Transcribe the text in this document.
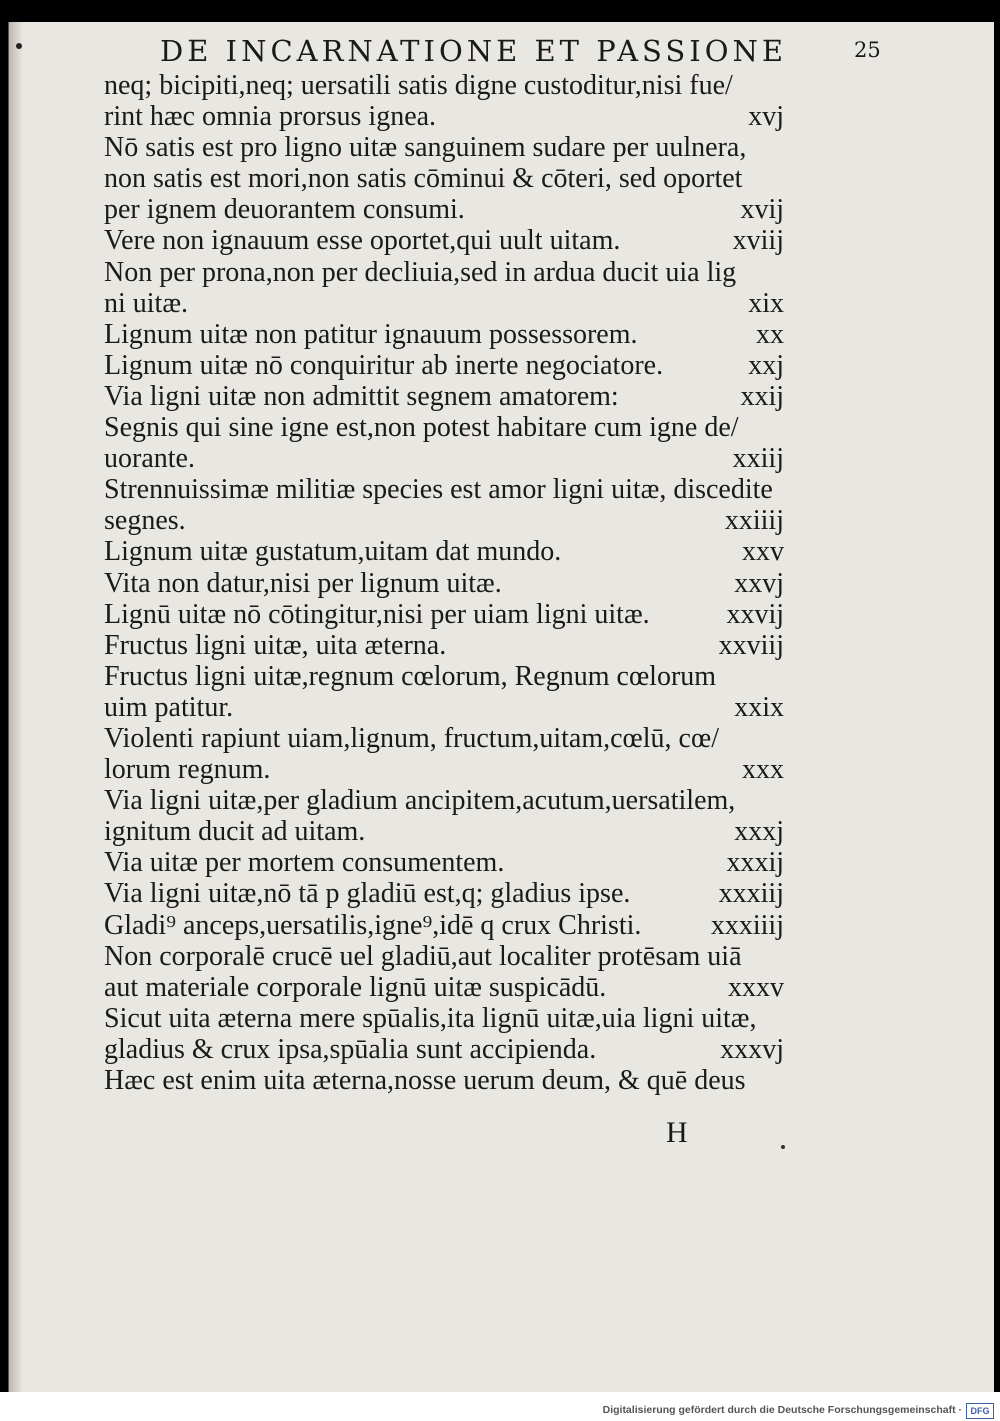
DE INCARNATIONE ET PASSIONE	25
neq; bicipiti,neq; uersatili satis digne custoditur,nisi fue/
rint hæc omnia prorsus ignea.	xvj
Nō satis est pro ligno uitæ sanguinem sudare per uulnera,
non satis est mori,non satis cōminui & cōteri, sed oportet
per ignem deuorantem consumi.	xvij
Vere non ignauum esse oportet,qui uult uitam.	xviij
Non per prona,non per decliuia,sed in ardua ducit uia lig
ni uitæ.	xix
Lignum uitæ non patitur ignauum possessorem.	xx
Lignum uitæ nō conquiritur ab inerte negociatore.	xxj
Via ligni uitæ non admittit segnem amatorem:	xxij
Segnis qui sine igne est,non potest habitare cum igne de/
uorante.	xxiij
Strennuissimæ militiæ species est amor ligni uitæ, discedite
segnes.	xxiiij
Lignum uitæ gustatum,uitam dat mundo.	xxv
Vita non datur,nisi per lignum uitæ.	xxvj
Lignū uitæ nō cōtingitur,nisi per uiam ligni uitæ.	xxvij
Fructus ligni uitæ, uita æterna.	xxviij
Fructus ligni uitæ,regnum cœlorum, Regnum cœlorum
uim patitur.	xxix
Violenti rapiunt uiam,lignum, fructum,uitam,cœlū, cœ/
lorum regnum.	xxx
Via ligni uitæ,per gladium ancipitem,acutum,uersatilem,
ignitum ducit ad uitam.	xxxj
Via uitæ per mortem consumentem.	xxxij
Via ligni uitæ,nō tā p gladiū est,q; gladius ipse.	xxxiij
Gladi⁹ anceps,uersatilis,igne⁹,idē q crux Christi. xxxiiij
Non corporalē crucē uel gladiū,aut localiter protēsam uiā
aut materiale corporale lignū uitæ suspicādū.	xxxv
Sicut uita æterna mere spūalis,ita lignū uitæ,uia ligni uitæ,
gladius & crux ipsa,spūalia sunt accipienda.	xxxvj
Hæc est enim uita æterna,nosse uerum deum, & quē deus
H
Digitalisierung gefördert durch die Deutsche Forschungsgemeinschaft · DFG
